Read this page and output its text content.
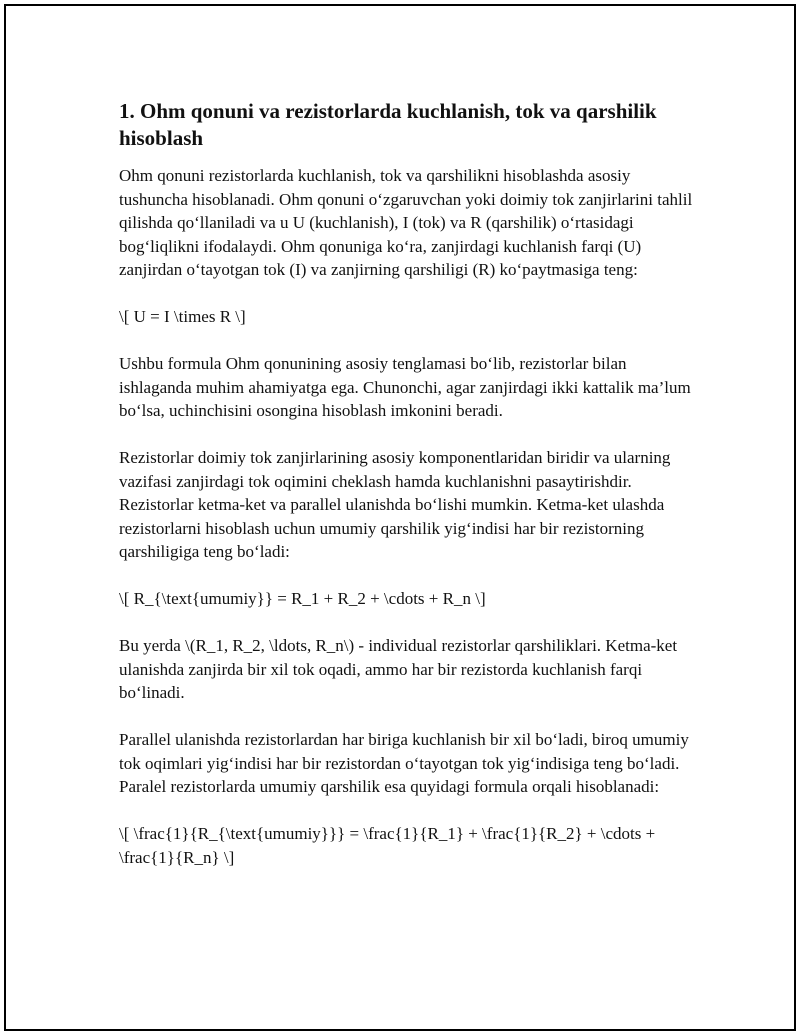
1. Ohm qonuni va rezistorlarda kuchlanish, tok va qarshilik hisoblash

Ohm qonuni rezistorlarda kuchlanish, tok va qarshilikni hisoblashda asosiy tushuncha hisoblanadi. Ohm qonuni o‘zgaruvchan yoki doimiy tok zanjirlarini tahlil qilishda qo‘llaniladi va u U (kuchlanish), I (tok) va R (qarshilik) o‘rtasidagi bog‘liqlikni ifodalaydi. Ohm qonuniga ko‘ra, zanjirdagi kuchlanish farqi (U) zanjirdan o‘tayotgan tok (I) va zanjirning qarshiligi (R) ko‘paytmasiga teng:

\[ U = I \times R \]

Ushbu formula Ohm qonunining asosiy tenglamasi bo‘lib, rezistorlar bilan ishlaganda muhim ahamiyatga ega. Chunonchi, agar zanjirdagi ikki kattalik ma’lum bo‘lsa, uchinchisini osongina hisoblash imkonini beradi.

Rezistorlar doimiy tok zanjirlarining asosiy komponentlaridan biridir va ularning vazifasi zanjirdagi tok oqimini cheklash hamda kuchlanishni pasaytirishdir. Rezistorlar ketma-ket va parallel ulanishda bo‘lishi mumkin. Ketma-ket ulashda rezistorlarni hisoblash uchun umumiy qarshilik yig‘indisi har bir rezistorning qarshiligiga teng bo‘ladi:

\[ R_{\text{umumiy}} = R_1 + R_2 + \cdots + R_n \]

Bu yerda \(R_1, R_2, \ldots, R_n\) - individual rezistorlar qarshiliklari. Ketma-ket ulanishda zanjirda bir xil tok oqadi, ammo har bir rezistorda kuchlanish farqi bo‘linadi.

Parallel ulanishda rezistorlardan har biriga kuchlanish bir xil bo‘ladi, biroq umumiy tok oqimlari yig‘indisi har bir rezistordan o‘tayotgan tok yig‘indisiga teng bo‘ladi. Paralel rezistorlarda umumiy qarshilik esa quyidagi formula orqali hisoblanadi:

\[ \frac{1}{R_{\text{umumiy}}} = \frac{1}{R_1} + \frac{1}{R_2} + \cdots + \frac{1}{R_n} \]
